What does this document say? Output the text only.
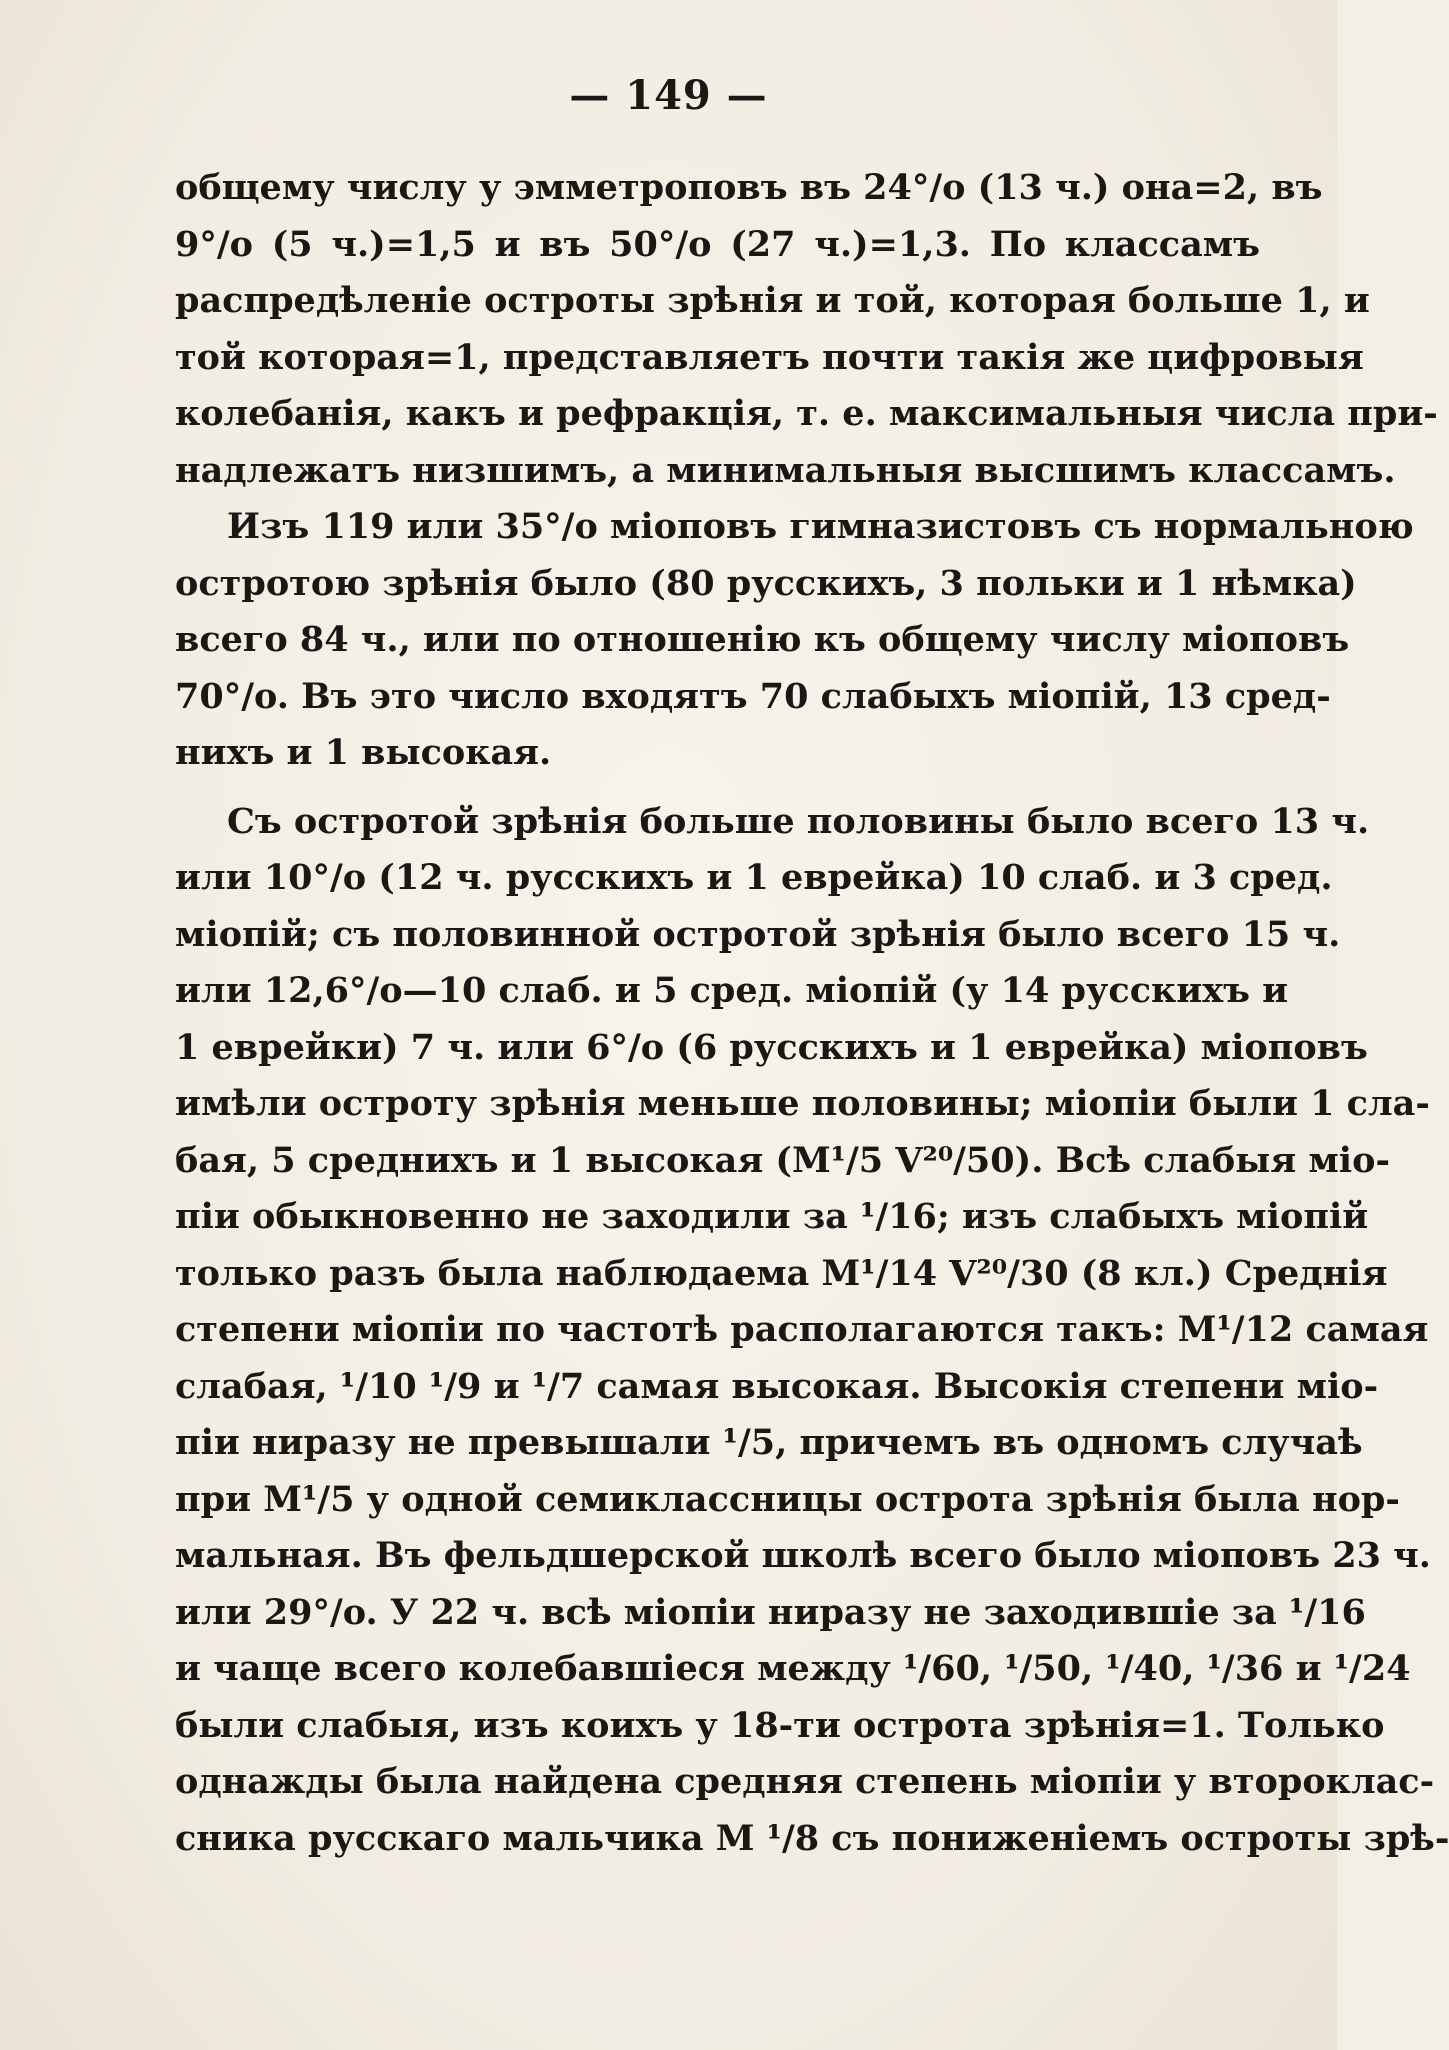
— 149 —
общему числу у эмметроповъ въ 24°/o (13 ч.) она=2, въ
9°/o (5 ч.)=1,5 и въ 50°/o (27 ч.)=1,3. По классамъ
распредѣленіе остроты зрѣнія и той, которая больше 1, и
той которая=1, представляетъ почти такія же цифровыя
колебанія, какъ и рефракція, т. е. максимальныя числа при-
надлежатъ низшимъ, а минимальныя высшимъ классамъ.
Изъ 119 или 35°/o міоповъ гимназистовъ съ нормальною
остротою зрѣнія было (80 русскихъ, 3 польки и 1 нѣмка)
всего 84 ч., или по отношенію къ общему числу міоповъ
70°/o. Въ это число входятъ 70 слабыхъ міопій, 13 сред-
нихъ и 1 высокая.
Съ остротой зрѣнія больше половины было всего 13 ч.
или 10°/o (12 ч. русскихъ и 1 еврейка) 10 слаб. и 3 сред.
міопій; съ половинной остротой зрѣнія было всего 15 ч.
или 12,6°/o—10 слаб. и 5 сред. міопій (у 14 русскихъ и
1 еврейки) 7 ч. или 6°/o (6 русскихъ и 1 еврейка) міоповъ
имѣли остроту зрѣнія меньше половины; міопіи были 1 сла-
бая, 5 среднихъ и 1 высокая (M¹/5 V²⁰/50). Всѣ слабыя міо-
піи обыкновенно не заходили за ¹/16; изъ слабыхъ міопій
только разъ была наблюдаема M¹/14 V²⁰/30 (8 кл.) Среднія
степени міопіи по частотѣ располагаются такъ: M¹/12 самая
слабая, ¹/10 ¹/9 и ¹/7 самая высокая. Высокія степени міо-
піи ниразу не превышали ¹/5, причемъ въ одномъ случаѣ
при M¹/5 у одной семиклассницы острота зрѣнія была нор-
мальная. Въ фельдшерской школѣ всего было міоповъ 23 ч.
или 29°/o. У 22 ч. всѣ міопіи ниразу не заходившіе за ¹/16
и чаще всего колебавшіеся между ¹/60, ¹/50, ¹/40, ¹/36 и ¹/24
были слабыя, изъ коихъ у 18-ти острота зрѣнія=1. Только
однажды была найдена средняя степень міопіи у второклас-
сника русскаго мальчика M ¹/8 съ пониженіемъ остроты зрѣ-
